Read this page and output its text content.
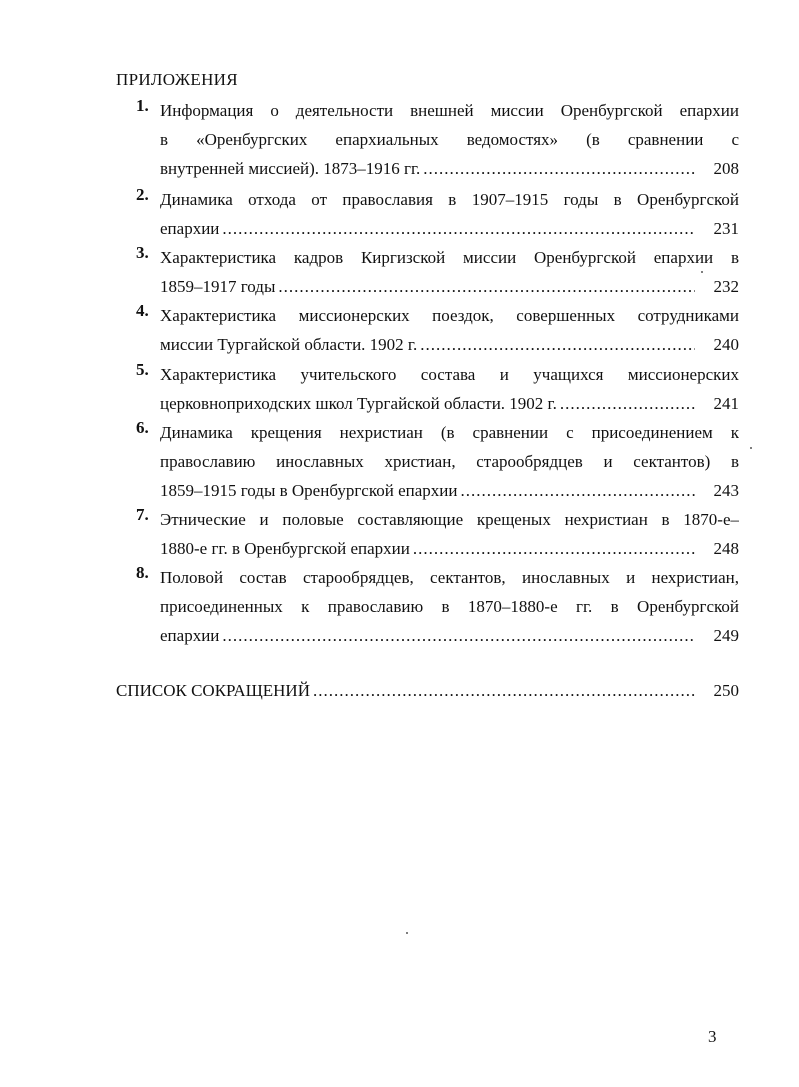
ПРИЛОЖЕНИЯ
1. Информация о деятельности внешней миссии Оренбургской епархии
в «Оренбургских епархиальных ведомостях» (в сравнении с
внутренней миссией). 1873–1916 гг. .....	208
2. Динамика отхода от православия в 1907–1915 годы в Оренбургской
епархии .....	231
3. Характеристика кадров Киргизской миссии Оренбургской епархии в
1859–1917 годы .....	232
4. Характеристика миссионерских поездок, совершенных сотрудниками
миссии Тургайской области. 1902 г. .....	240
5. Характеристика учительского состава и учащихся миссионерских
церковноприходских школ Тургайской области. 1902 г. .....	241
6. Динамика крещения нехристиан (в сравнении с присоединением к
православию инославных христиан, старообрядцев и сектантов) в
1859–1915 годы в Оренбургской епархии .....	243
7. Этнические и половые составляющие крещеных нехристиан в 1870-е–
1880-е гг. в Оренбургской епархии .....	248
8. Половой состав старообрядцев, сектантов, инославных и нехристиан,
присоединенных к православию в 1870–1880-е гг. в Оренбургской
епархии .....	249
СПИСОК СОКРАЩЕНИЙ .....	250
3
